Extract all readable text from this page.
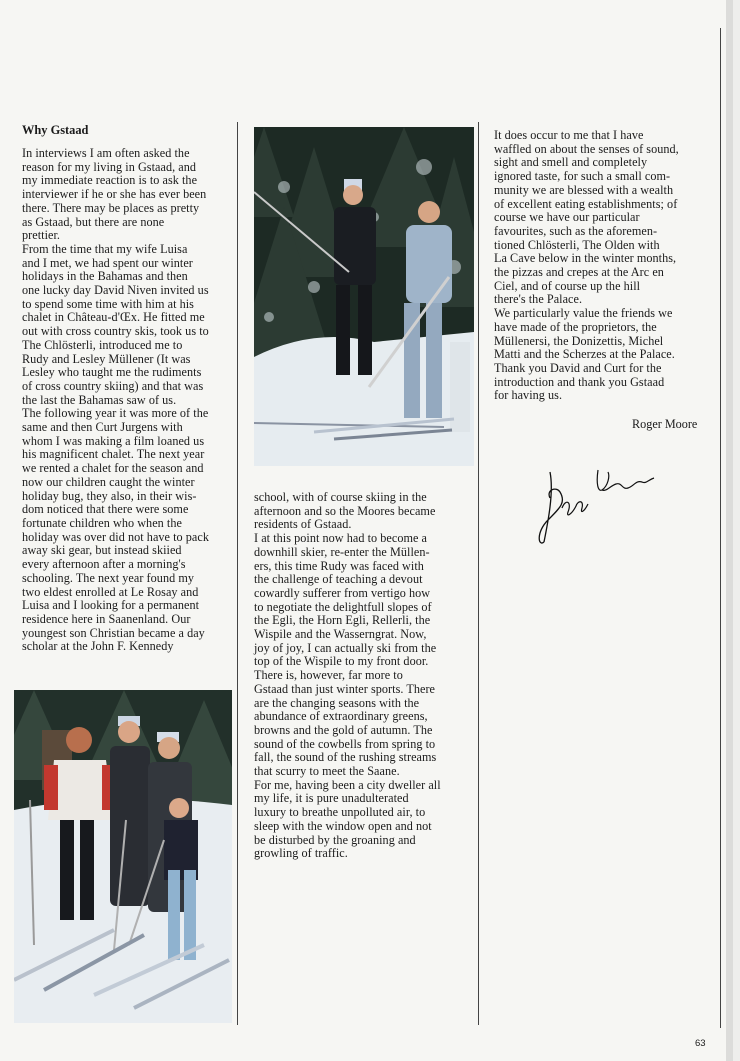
Why Gstaad
In interviews I am often asked the
reason for my living in Gstaad, and
my immediate reaction is to ask the
interviewer if he or she has ever been
there. There may be places as pretty
as Gstaad, but there are none
prettier.
From the time that my wife Luisa
and I met, we had spent our winter
holidays in the Bahamas and then
one lucky day David Niven invited us
to spend some time with him at his
chalet in Château-d'Œx. He fitted me
out with cross country skis, took us to
The Chlösterli, introduced me to
Rudy and Lesley Müllener (It was
Lesley who taught me the rudiments
of cross country skiing) and that was
the last the Bahamas saw of us.
The following year it was more of the
same and then Curt Jurgens with
whom I was making a film loaned us
his magnificent chalet. The next year
we rented a chalet for the season and
now our children caught the winter
holiday bug, they also, in their wis-
dom noticed that there were some
fortunate children who when the
holiday was over did not have to pack
away ski gear, but instead skiied
every afternoon after a morning's
schooling. The next year found my
two eldest enrolled at Le Rosay and
Luisa and I looking for a permanent
residence here in Saanenland. Our
youngest son Christian became a day
scholar at the John F. Kennedy
school, with of course skiing in the
afternoon and so the Moores became
residents of Gstaad.
I at this point now had to become a
downhill skier, re-enter the Müllen-
ers, this time Rudy was faced with
the challenge of teaching a devout
cowardly sufferer from vertigo how
to negotiate the delightfull slopes of
the Egli, the Horn Egli, Rellerli, the
Wispile and the Wasserngrat. Now,
joy of joy, I can actually ski from the
top of the Wispile to my front door.
There is, however, far more to
Gstaad than just winter sports. There
are the changing seasons with the
abundance of extraordinary greens,
browns and the gold of autumn. The
sound of the cowbells from spring to
fall, the sound of the rushing streams
that scurry to meet the Saane.
For me, having been a city dweller all
my life, it is pure unadulterated
luxury to breathe unpolluted air, to
sleep with the window open and not
be disturbed by the groaning and
growling of traffic.
It does occur to me that I have
waffled on about the senses of sound,
sight and smell and completely
ignored taste, for such a small com-
munity we are blessed with a wealth
of excellent eating establishments; of
course we have our particular
favourites, such as the aforemen-
tioned Chlösterli, The Olden with
La Cave below in the winter months,
the pizzas and crepes at the Arc en
Ciel, and of course up the hill
there's the Palace.
We particularly value the friends we
have made of the proprietors, the
Müllenersi, the Donizettis, Michel
Matti and the Scherzes at the Palace.
Thank you David and Curt for the
introduction and thank you Gstaad
for having us.
Roger Moore
63
